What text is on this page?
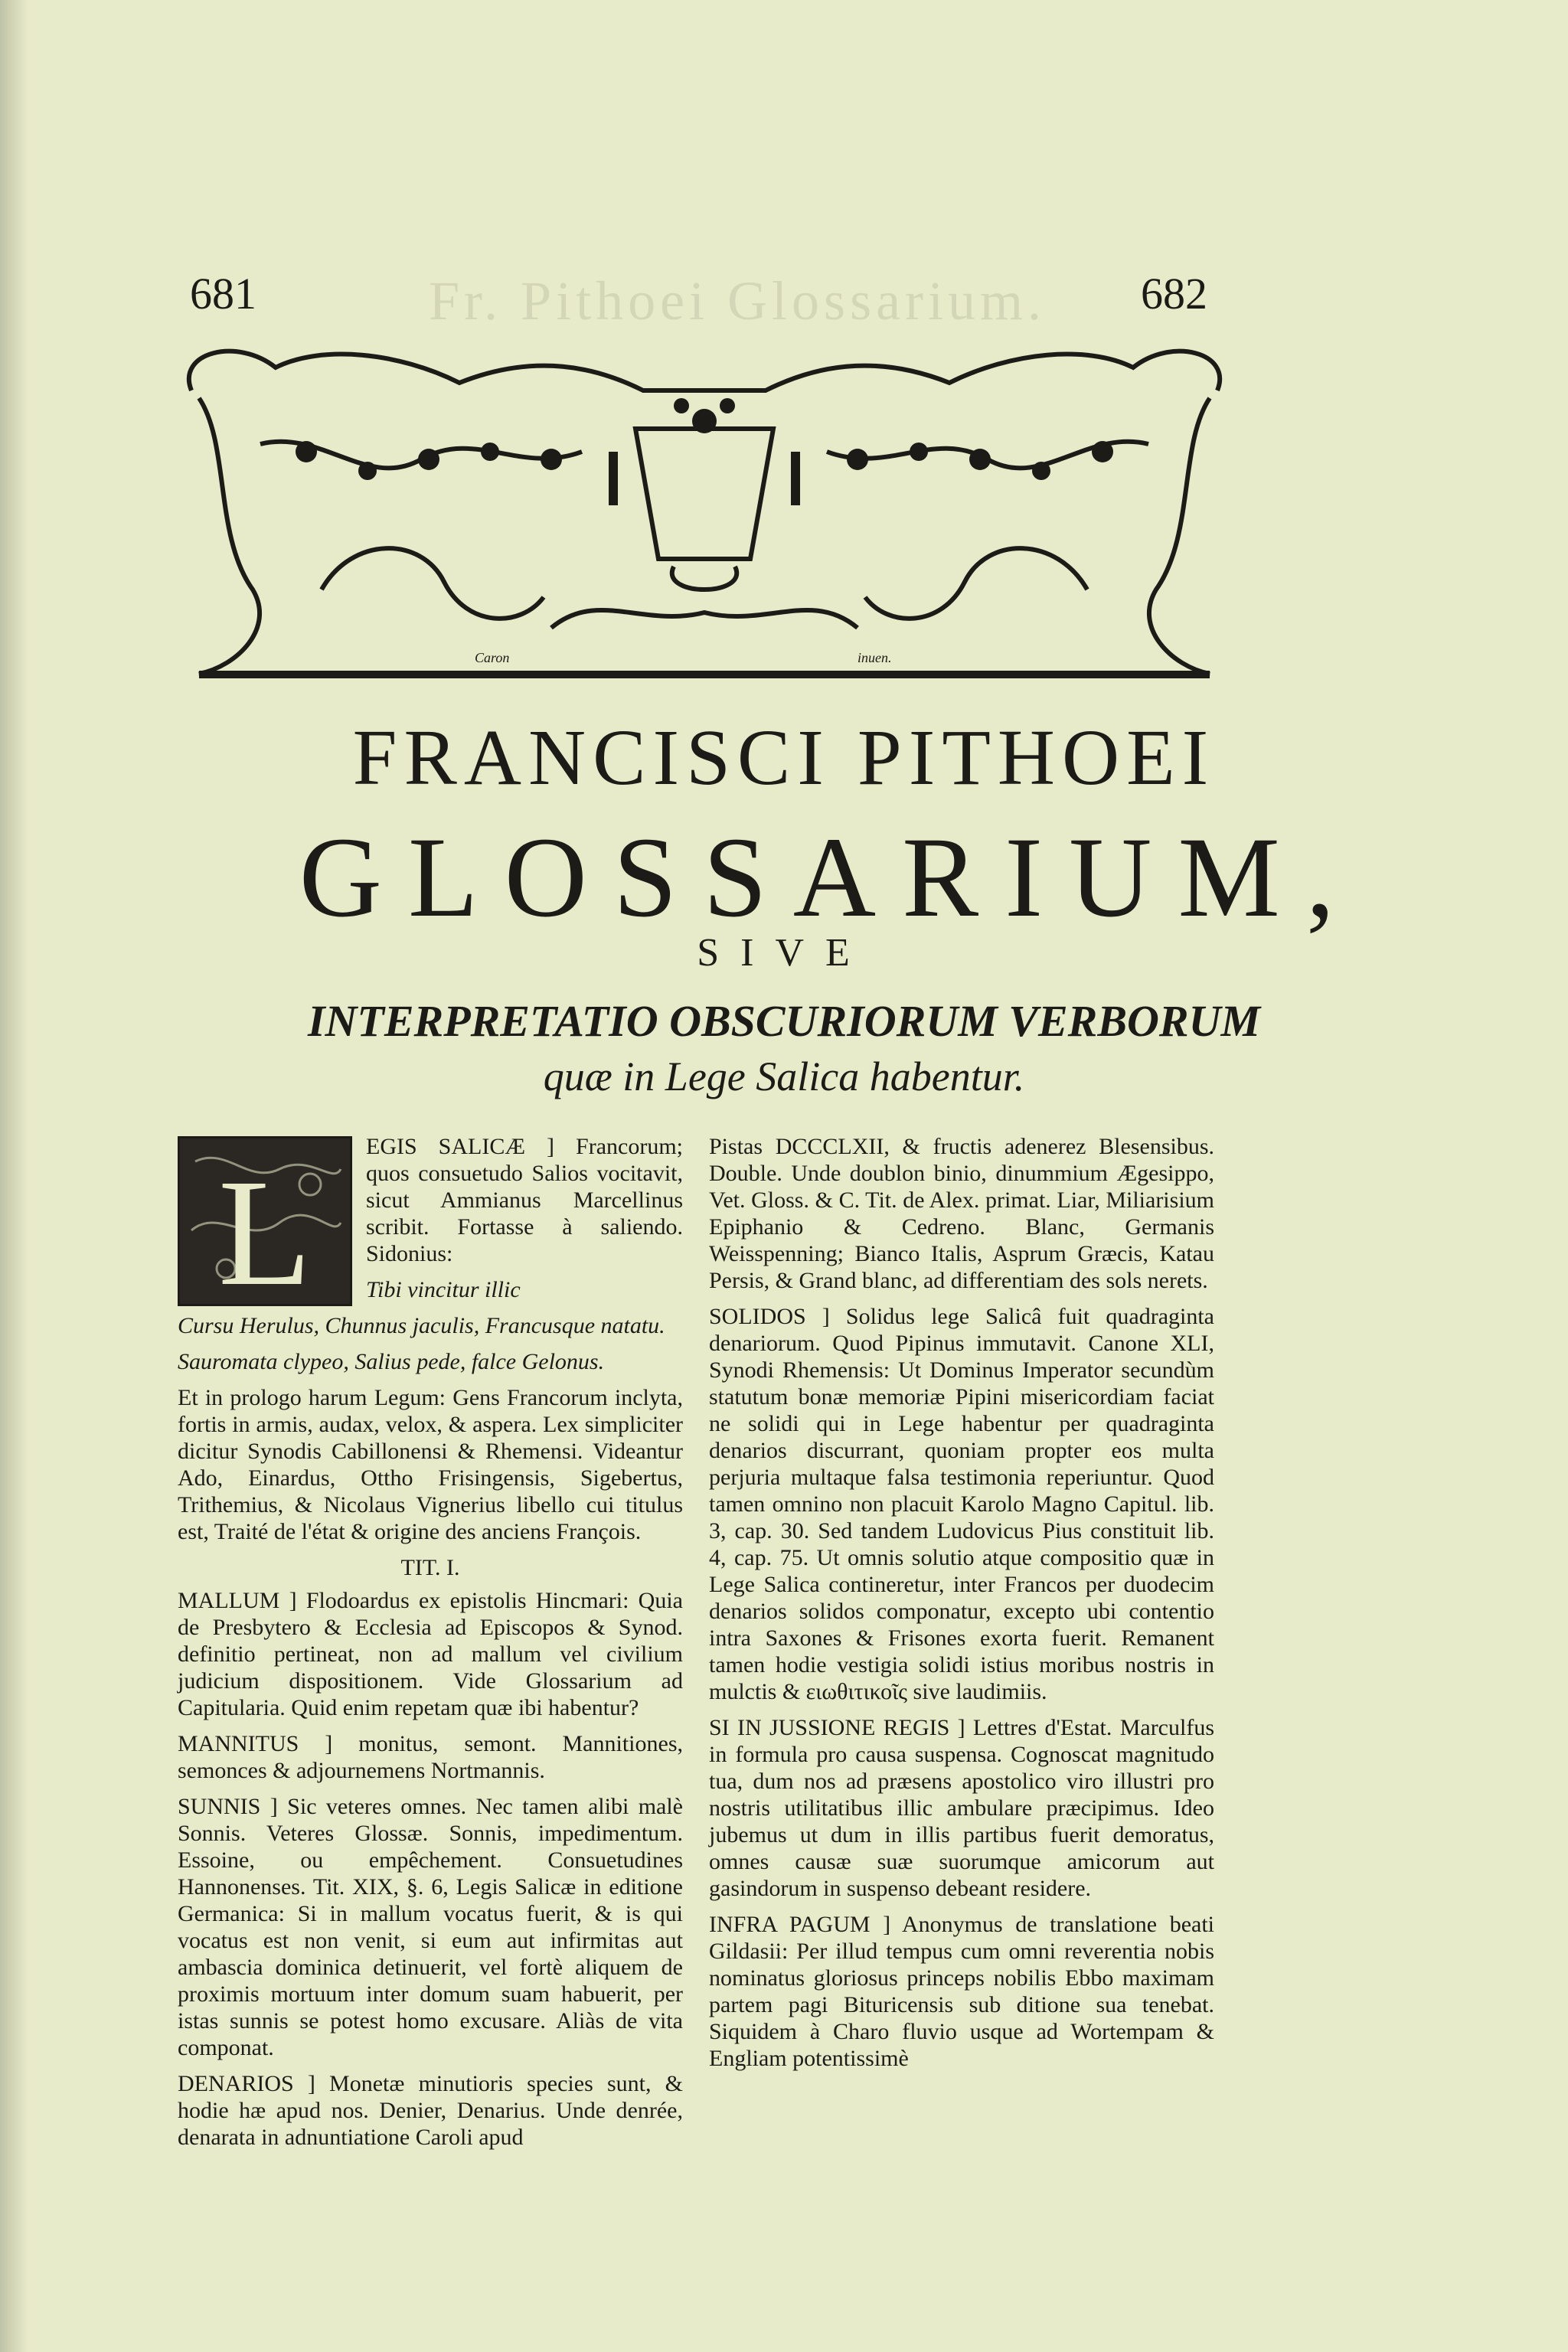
Fr. Pithoei Glossarium.
681	682
Caron	inuen.
FRANCISCI PITHOEI
GLOSSARIUM,
SIVE
INTERPRETATIO OBSCURIORUM VERBORUM
quæ in Lege Salica habentur.
L

EGIS SALICÆ ] Francorum; quos consuetudo Salios vocitavit, sicut Ammianus Marcellinus scribit. Fortasse à saliendo. Sidonius:

Tibi vincitur illic

Cursu Herulus, Chunnus jaculis, Francusque natatu.

Sauromata clypeo, Salius pede, falce Gelonus.

Et in prologo harum Legum: Gens Francorum inclyta, fortis in armis, audax, velox, & aspera. Lex simpliciter dicitur Synodis Cabillonensi & Rhemensi. Videantur Ado, Einardus, Ottho Frisingensis, Sigebertus, Trithemius, & Nicolaus Vignerius libello cui titulus est, Traité de l'état & origine des anciens François.

TIT. I.

MALLUM ] Flodoardus ex epistolis Hincmari: Quia de Presbytero & Ecclesia ad Episcopos & Synod. definitio pertineat, non ad mallum vel civilium judicium dispositionem. Vide Glossarium ad Capitularia. Quid enim repetam quæ ibi habentur?

MANNITUS ] monitus, semont. Mannitiones, semonces & adjournemens Nortmannis.

SUNNIS ] Sic veteres omnes. Nec tamen alibi malè Sonnis. Veteres Glossæ. Sonnis, impedimentum. Essoine, ou empêchement. Consuetudines Hannonenses. Tit. XIX, §. 6, Legis Salicæ in editione Germanica: Si in mallum vocatus fuerit, & is qui vocatus est non venit, si eum aut infirmitas aut ambascia dominica detinuerit, vel fortè aliquem de proximis mortuum inter domum suam habuerit, per istas sunnis se potest homo excusare. Aliàs de vita componat.

DENARIOS ] Monetæ minutioris species sunt, & hodie hæ apud nos. Denier, Denarius. Unde denrée, denarata in adnuntiatione Caroli apud

Pistas DCCCLXII, & fructis adenerez Blesensibus. Double. Unde doublon binio, dinummium Ægesippo, Vet. Gloss. & C. Tit. de Alex. primat. Liar, Miliarisium Epiphanio & Cedreno. Blanc, Germanis Weisspenning; Bianco Italis, Asprum Græcis, Katau Persis, & Grand blanc, ad differentiam des sols nerets.

SOLIDOS ] Solidus lege Salicâ fuit quadraginta denariorum. Quod Pipinus immutavit. Canone XLI, Synodi Rhemensis: Ut Dominus Imperator secundùm statutum bonæ memoriæ Pipini misericordiam faciat ne solidi qui in Lege habentur per quadraginta denarios discurrant, quoniam propter eos multa perjuria multaque falsa testimonia reperiuntur. Quod tamen omnino non placuit Karolo Magno Capitul. lib. 3, cap. 30. Sed tandem Ludovicus Pius constituit lib. 4, cap. 75. Ut omnis solutio atque compositio quæ in Lege Salica contineretur, inter Francos per duodecim denarios solidos componatur, excepto ubi contentio intra Saxones & Frisones exorta fuerit. Remanent tamen hodie vestigia solidi istius moribus nostris in mulctis & ειωθιτικοῖς sive laudimiis.

SI IN JUSSIONE REGIS ] Lettres d'Estat. Marculfus in formula pro causa suspensa. Cognoscat magnitudo tua, dum nos ad præsens apostolico viro illustri pro nostris utilitatibus illic ambulare præcipimus. Ideo jubemus ut dum in illis partibus fuerit demoratus, omnes causæ suæ suorumque amicorum aut gasindorum in suspenso debeant residere.

INFRA PAGUM ] Anonymus de translatione beati Gildasii: Per illud tempus cum omni reverentia nobis nominatus gloriosus princeps nobilis Ebbo maximam partem pagi Bituricensis sub ditione sua tenebat. Siquidem à Charo fluvio usque ad Wortempam & Engliam potentissimè
